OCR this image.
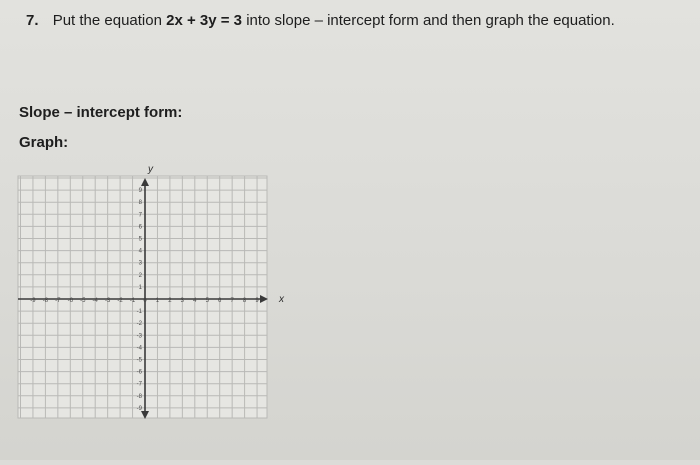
7. Put the equation 2x + 3y = 3 into slope – intercept form and then graph the equation.
Slope – intercept form:
Graph:
-9 -8 -7 -6 -5 -4 -3 -2 -1 0 1 2 3 4 5 6 7 8 9
-9
-8
-7
-6
-5
-4
-3
-2
-1
1
2
3
4
5
6
7
8
9
x
y
